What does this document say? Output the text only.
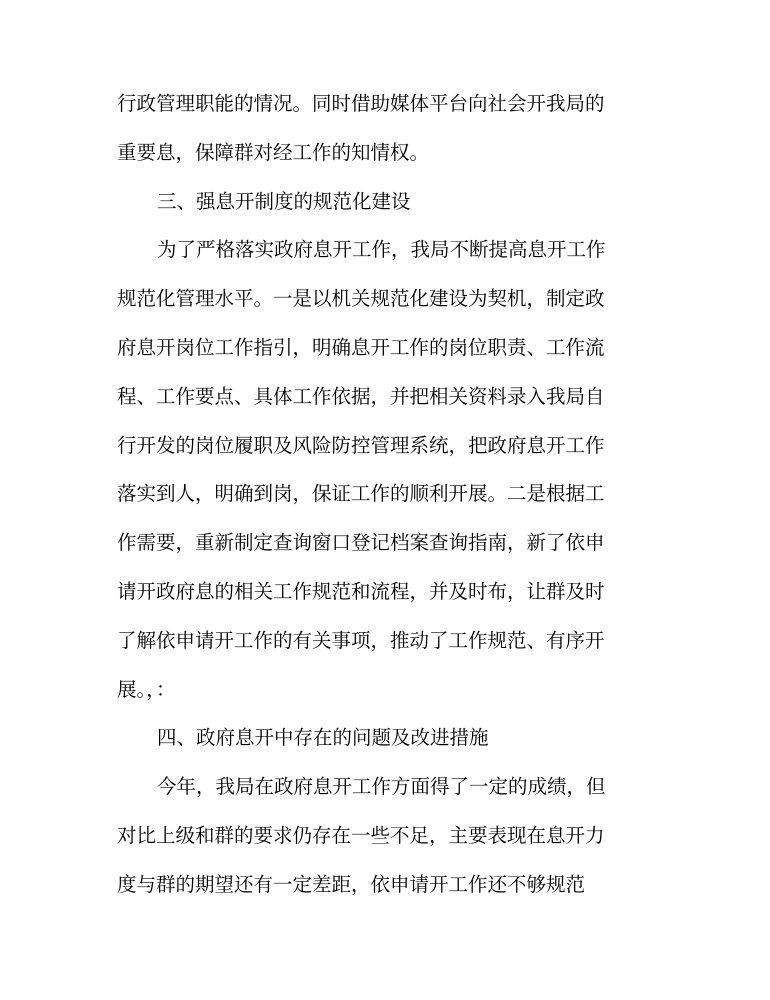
行政管理职能的情况。同时借助媒体平台向社会开我局的
重要息，保障群对经工作的知情权。
三、强息开制度的规范化建设
为了严格落实政府息开工作，我局不断提高息开工作
规范化管理水平。一是以机关规范化建设为契机，制定政
府息开岗位工作指引，明确息开工作的岗位职责、工作流
程、工作要点、具体工作依据，并把相关资料录入我局自
行开发的岗位履职及风险防控管理系统，把政府息开工作
落实到人，明确到岗，保证工作的顺利开展。二是根据工
作需要，重新制定查询窗口登记档案查询指南，新了依申
请开政府息的相关工作规范和流程，并及时布，让群及时
了解依申请开工作的有关事项，推动了工作规范、有序开
展。，：
四、政府息开中存在的问题及改进措施
今年，我局在政府息开工作方面得了一定的成绩，但
对比上级和群的要求仍存在一些不足，主要表现在息开力
度与群的期望还有一定差距，依申请开工作还不够规范
